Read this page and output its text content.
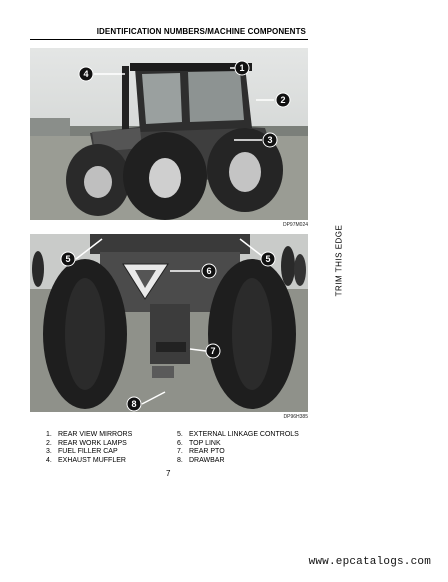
IDENTIFICATION NUMBERS/MACHINE COMPONENTS
4
1
2
3
DP97M024
5	5
6
7
8
DP96H385
TRIM THIS EDGE
1. REAR VIEW MIRRORS
2. REAR WORK LAMPS
3. FUEL FILLER CAP
4. EXHAUST MUFFLER
5. EXTERNAL LINKAGE CONTROLS
6. TOP LINK
7. REAR PTO
8. DRAWBAR
7
www.epcatalogs.com
